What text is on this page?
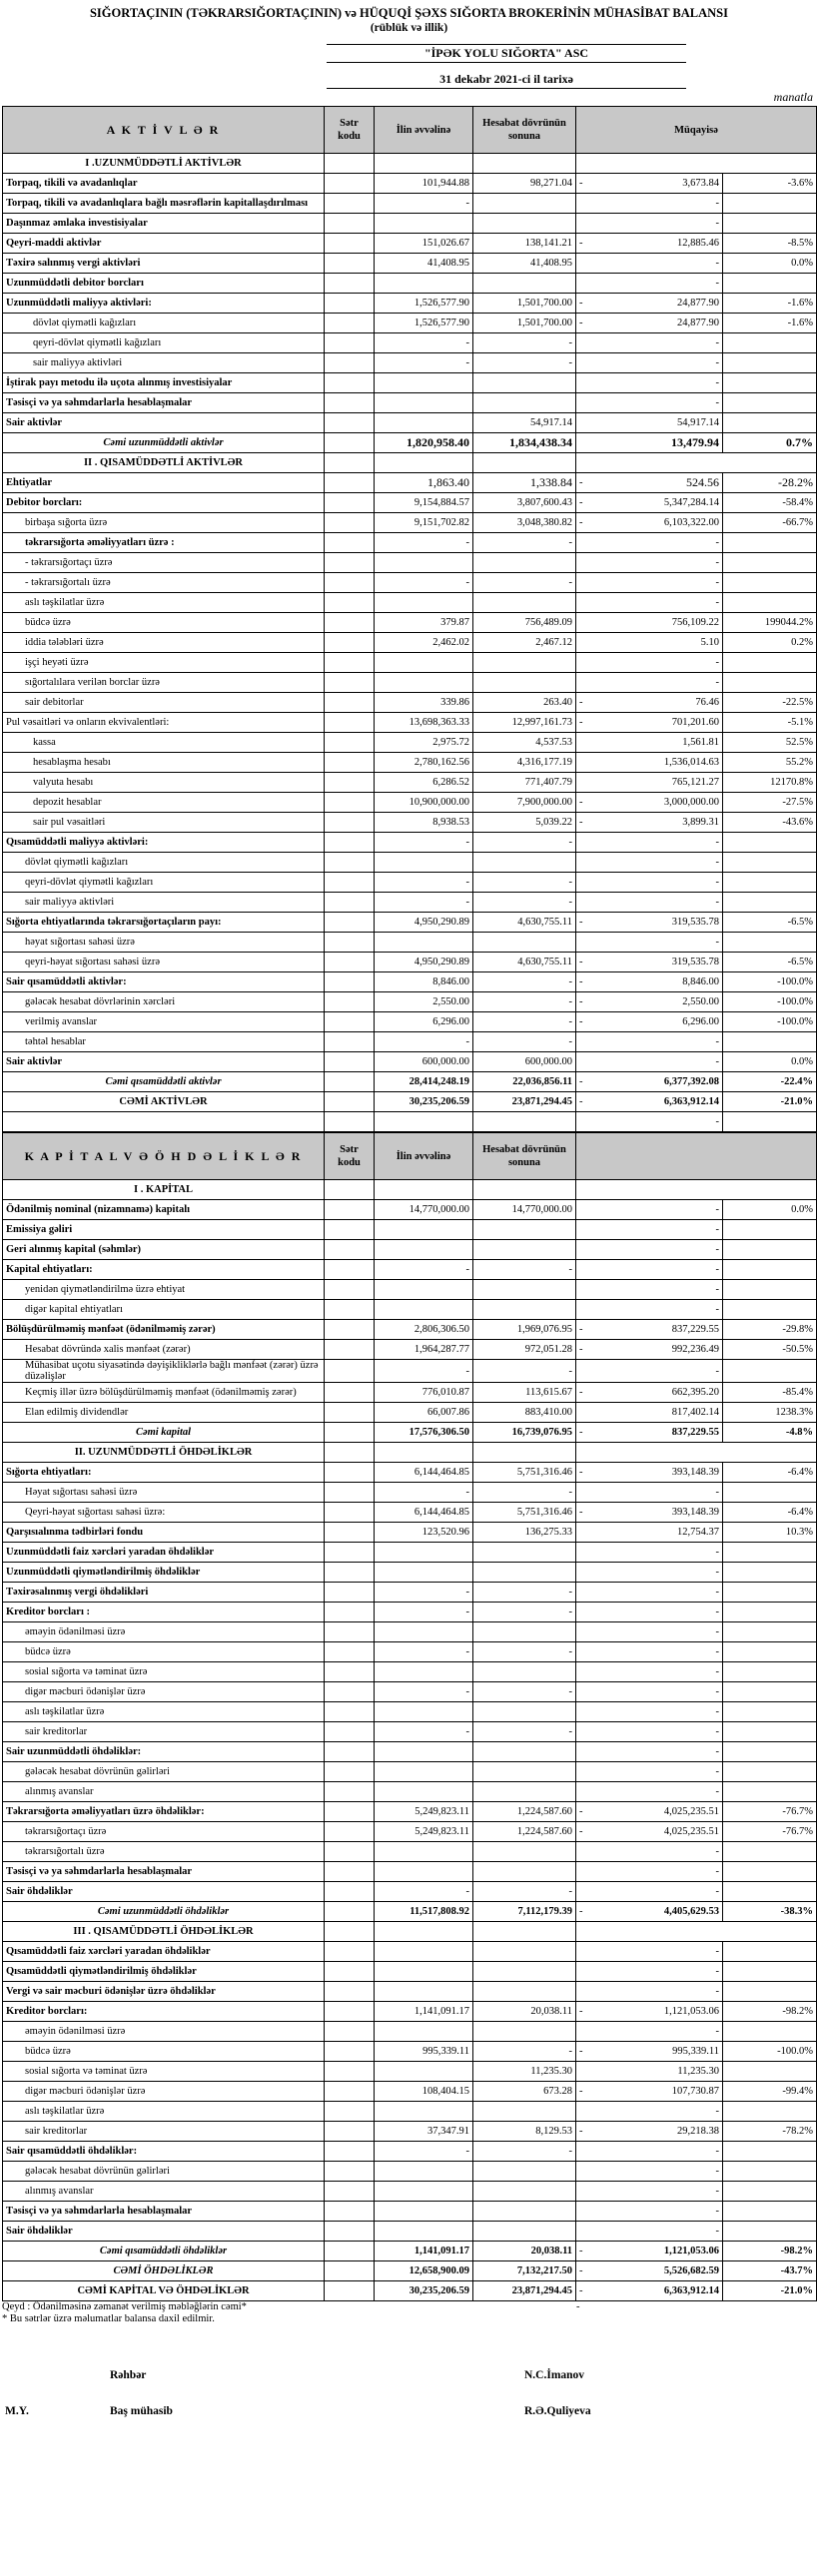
SIĞORTAÇININ (TƏKRARSIĞORTAÇININ) və HÜQUQİ ŞƏXS SIĞORTA BROKERİNİN MÜHASİBAT BALANSI
(rüblük və illik)
	"İPƏK YOLU SIĞORTA" ASC	

	31 dekabr 2021-ci il tarixə	
		manatla
A K T İ V L Ə R	Sətr kodu	İlin əvvəlinə	Hesabat dövrünün sonuna	Müqayisə		
I .UZUNMÜDDƏTLİ AKTİVLƏR						
Torpaq, tikili və avadanlıqlar		101,944.88	98,271.04	-	3,673.84	-3.6%
Torpaq, tikili və avadanlıqlara bağlı məsrəflərin kapitallaşdırılması		-			-	
Daşınmaz əmlaka investisiyalar					-	
Qeyri-maddi aktivlər		151,026.67	138,141.21	-	12,885.46	-8.5%
Təxirə salınmış vergi aktivləri		41,408.95	41,408.95		-	0.0%
Uzunmüddətli debitor borcları					-	
Uzunmüddətli maliyyə aktivləri:		1,526,577.90	1,501,700.00	-	24,877.90	-1.6%
dövlət qiymətli kağızları		1,526,577.90	1,501,700.00	-	24,877.90	-1.6%
qeyri-dövlət qiymətli kağızları		-	-		-	
sair maliyyə aktivləri		-	-		-	
İştirak payı metodu ilə uçota alınmış investisiyalar					-	
Təsisçi və ya səhmdarlarla hesablaşmalar					-	
Sair aktivlər			54,917.14		54,917.14	
Cəmi uzunmüddətli aktivlər		1,820,958.40	1,834,438.34		13,479.94	0.7%
II . QISAMÜDDƏTLİ AKTİVLƏR						
Ehtiyatlar		1,863.40	1,338.84	-	524.56	-28.2%
Debitor borcları:		9,154,884.57	3,807,600.43	-	5,347,284.14	-58.4%
birbaşa sığorta üzrə		9,151,702.82	3,048,380.82	-	6,103,322.00	-66.7%
təkrarsığorta əməliyyatları üzrə :		-	-		-	
- təkrarsığortaçı üzrə					-	
- təkrarsığortalı üzrə		-	-		-	
aslı təşkilatlar üzrə					-	
büdcə üzrə		379.87	756,489.09		756,109.22	199044.2%
iddia tələbləri üzrə		2,462.02	2,467.12		5.10	0.2%
işçi heyəti üzrə					-	
sığortalılara verilən borclar üzrə					-	
sair debitorlar		339.86	263.40	-	76.46	-22.5%
Pul vəsaitləri və onların ekvivalentləri:		13,698,363.33	12,997,161.73	-	701,201.60	-5.1%
kassa		2,975.72	4,537.53		1,561.81	52.5%
hesablaşma hesabı		2,780,162.56	4,316,177.19		1,536,014.63	55.2%
valyuta hesabı		6,286.52	771,407.79		765,121.27	12170.8%
depozit hesablar		10,900,000.00	7,900,000.00	-	3,000,000.00	-27.5%
sair pul vəsaitləri		8,938.53	5,039.22	-	3,899.31	-43.6%
Qısamüddətli maliyyə aktivləri:		-	-		-	
dövlət qiymətli kağızları					-	
qeyri-dövlət qiymətli kağızları		-	-		-	
sair maliyyə aktivləri		-	-		-	
Sığorta ehtiyatlarında təkrarsığortaçıların payı:		4,950,290.89	4,630,755.11	-	319,535.78	-6.5%
həyat sığortası sahəsi üzrə					-	
qeyri-həyat sığortası sahəsi üzrə		4,950,290.89	4,630,755.11	-	319,535.78	-6.5%
Sair qısamüddətli aktivlər:		8,846.00	-	-	8,846.00	-100.0%
gələcək hesabat dövrlərinin xərcləri		2,550.00	-	-	2,550.00	-100.0%
verilmiş avanslar		6,296.00	-	-	6,296.00	-100.0%
təhtəl hesablar		-	-		-	
Sair aktivlər		600,000.00	600,000.00		-	0.0%
Cəmi qısamüddətli aktivlər		28,414,248.19	22,036,856.11	-	6,377,392.08	-22.4%
CƏMİ AKTİVLƏR		30,235,206.59	23,871,294.45	-	6,363,912.14	-21.0%
					-	
K A P İ T A L V Ə Ö H D Ə L İ K L Ə R	Sətr kodu	İlin əvvəlinə	Hesabat dövrünün sonuna			
I . KAPİTAL						
Ödənilmiş nominal (nizamnamə) kapitalı		14,770,000.00	14,770,000.00		-	0.0%
Emissiya gəliri					-	
Geri alınmış kapital (səhmlər)					-	
Kapital ehtiyatları:		-	-		-	
yenidən qiymətləndirilmə üzrə ehtiyat					-	
digər kapital ehtiyatları					-	
Bölüşdürülməmiş mənfəət (ödənilməmiş zərər)		2,806,306.50	1,969,076.95	-	837,229.55	-29.8%
Hesabat dövründə xalis mənfəət (zərər)		1,964,287.77	972,051.28	-	992,236.49	-50.5%
Mühasibat uçotu siyasətində dəyişikliklərlə bağlı mənfəət (zərər) üzrə düzəlişlər		-	-		-	
Keçmiş illər üzrə bölüşdürülməmiş mənfəət (ödənilməmiş zərər)		776,010.87	113,615.67	-	662,395.20	-85.4%
Elan edilmiş dividendlər		66,007.86	883,410.00		817,402.14	1238.3%
Cəmi kapital		17,576,306.50	16,739,076.95	-	837,229.55	-4.8%
II. UZUNMÜDDƏTLİ ÖHDƏLİKLƏR						
Sığorta ehtiyatları:		6,144,464.85	5,751,316.46	-	393,148.39	-6.4%
Həyat sığortası sahəsi üzrə		-	-		-	
Qeyri-həyat sığortası sahəsi üzrə:		6,144,464.85	5,751,316.46	-	393,148.39	-6.4%
Qarşısıalınma tədbirləri fondu		123,520.96	136,275.33		12,754.37	10.3%
Uzunmüddətli faiz xərcləri yaradan öhdəliklər					-	
Uzunmüddətli qiymətləndirilmiş öhdəliklər					-	
Təxirəsalınmış vergi öhdəlikləri		-	-		-	
Kreditor borcları :		-	-		-	
əməyin ödənilməsi üzrə					-	
büdcə üzrə		-	-		-	
sosial sığorta və təminat üzrə					-	
digər məcburi ödənişlər üzrə		-	-		-	
aslı təşkilatlar üzrə					-	
sair kreditorlar		-	-		-	
Sair uzunmüddətli öhdəliklər:					-	
gələcək hesabat dövrünün gəlirləri					-	
alınmış avanslar					-	
Təkrarsığorta əməliyyatları üzrə öhdəliklər:		5,249,823.11	1,224,587.60	-	4,025,235.51	-76.7%
təkrarsığortaçı üzrə		5,249,823.11	1,224,587.60	-	4,025,235.51	-76.7%
təkrarsığortalı üzrə					-	
Təsisçi və ya səhmdarlarla hesablaşmalar					-	
Sair öhdəliklər		-	-		-	
Cəmi uzunmüddətli öhdəliklər		11,517,808.92	7,112,179.39	-	4,405,629.53	-38.3%
III . QISAMÜDDƏTLİ ÖHDƏLİKLƏR						
Qısamüddətli faiz xərcləri yaradan öhdəliklər					-	
Qısamüddətli qiymətləndirilmiş öhdəliklər					-	
Vergi və sair məcburi ödənişlər üzrə öhdəliklər					-	
Kreditor borcları:		1,141,091.17	20,038.11	-	1,121,053.06	-98.2%
əməyin ödənilməsi üzrə					-	
büdcə üzrə		995,339.11	-	-	995,339.11	-100.0%
sosial sığorta və təminat üzrə			11,235.30		11,235.30	
digər məcburi ödənişlər üzrə		108,404.15	673.28	-	107,730.87	-99.4%
aslı təşkilatlar üzrə					-	
sair kreditorlar		37,347.91	8,129.53	-	29,218.38	-78.2%
Sair qısamüddətli öhdəliklər:		-	-		-	
gələcək hesabat dövrünün gəlirləri					-	
alınmış avanslar					-	
Təsisçi və ya səhmdarlarla hesablaşmalar					-	
Sair öhdəliklər					-	
Cəmi qısamüddətli öhdəliklər		1,141,091.17	20,038.11	-	1,121,053.06	-98.2%
CƏMİ ÖHDƏLİKLƏR		12,658,900.09	7,132,217.50	-	5,526,682.59	-43.7%
CƏMİ KAPİTAL VƏ ÖHDƏLİKLƏR		30,235,206.59	23,871,294.45	-	6,363,912.14	-21.0%
Qeyd : Ödənilməsinə zəmanət verilmiş məbləğlərin cəmi*	-
* Bu sətrlər üzrə məlumatlar balansa daxil edilmir.
	Rəhbər	N.C.İmanov
M.Y.	Baş mühasib	R.Ə.Quliyeva
